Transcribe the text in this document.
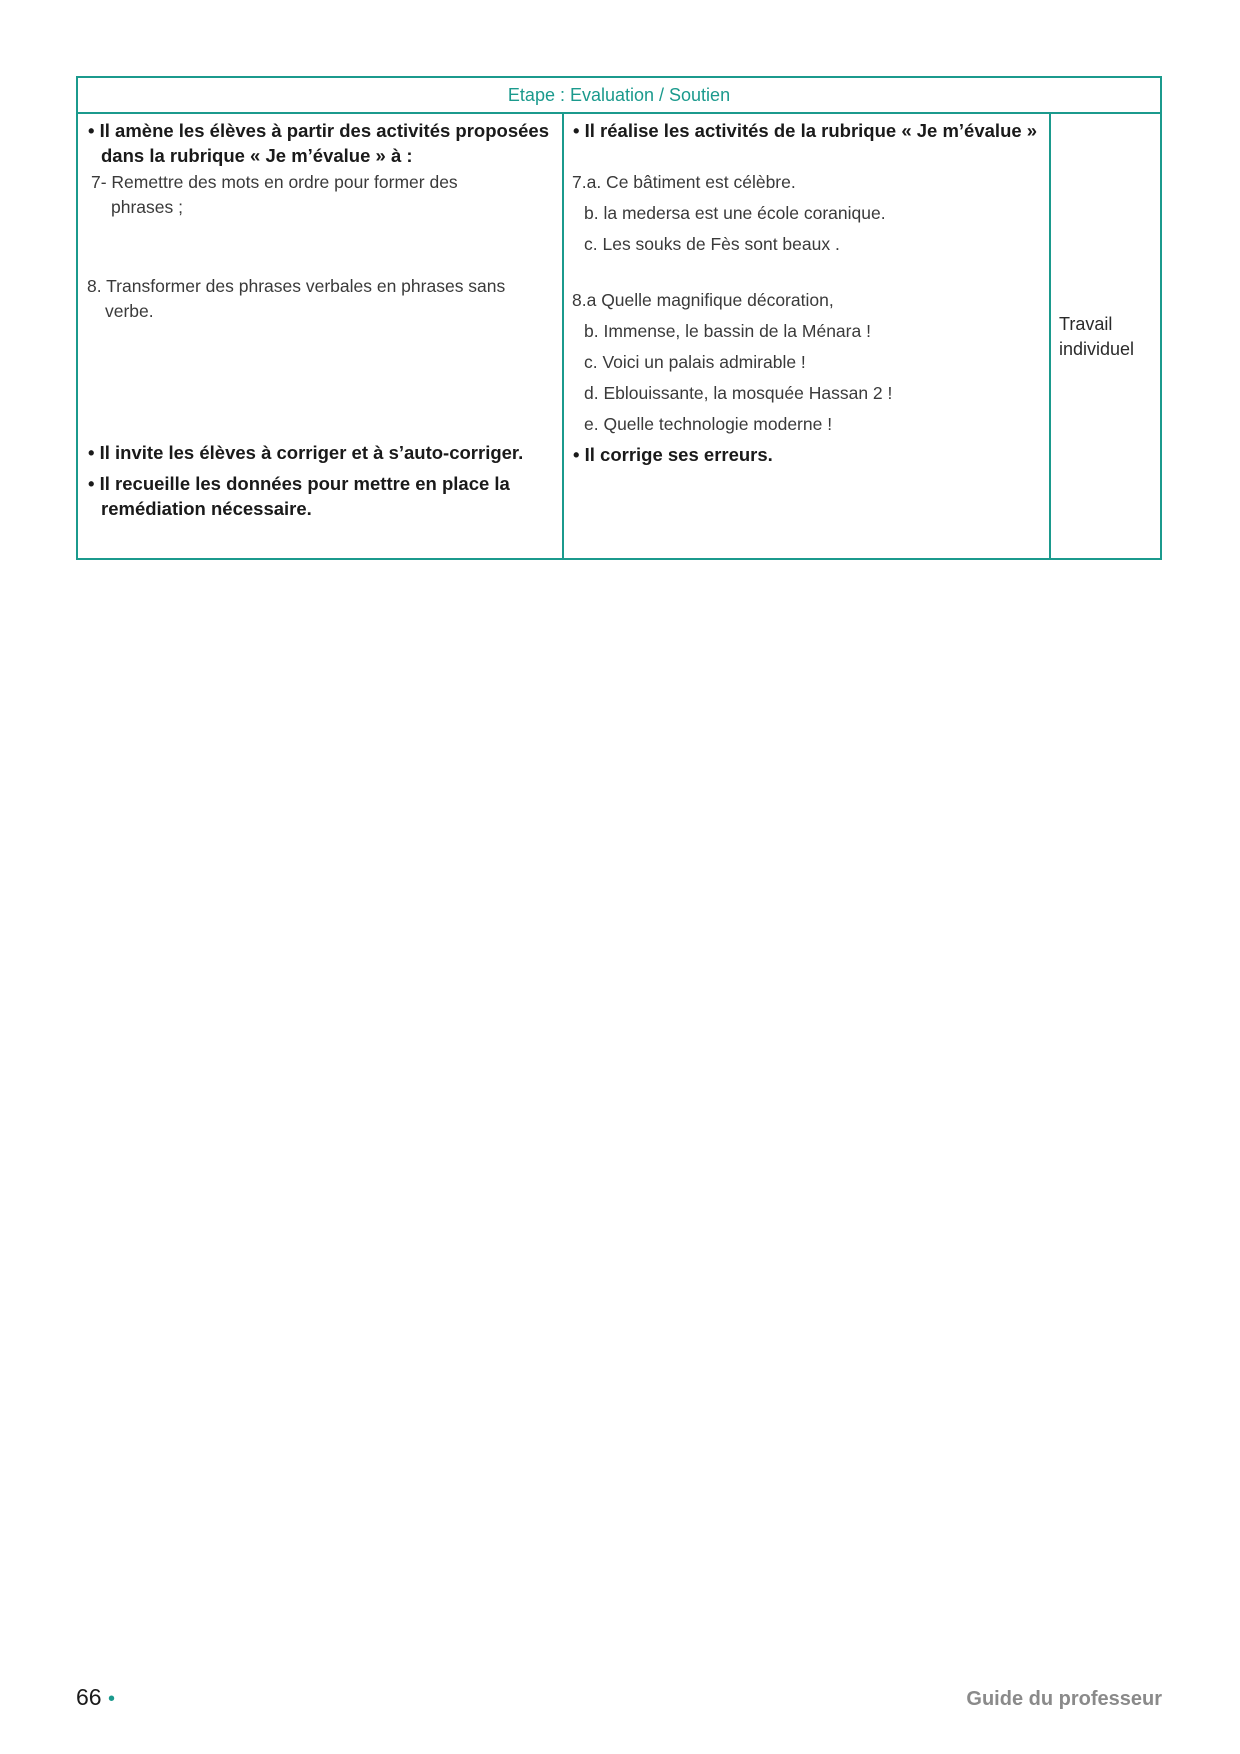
Etape : Evaluation / Soutien
• Il amène les élèves à partir des activités proposées dans la rubrique « Je m’évalue » à :
7- Remettre des mots en ordre pour former des phrases ;
8. Transformer des phrases verbales en phrases sans verbe.
• Il invite les élèves à corriger et à s’auto-corriger.
• Il recueille les données pour mettre en place la remédiation nécessaire.
• Il réalise les activités de la rubrique « Je m’évalue »
7.a. Ce bâtiment est célèbre.
b. la medersa est une école coranique.
c. Les souks de Fès sont beaux .
8.a Quelle magnifique décoration,
b. Immense, le bassin de la Ménara !
c. Voici un palais admirable !
d. Eblouissante, la mosquée Hassan 2 !
e. Quelle technologie moderne !
• Il corrige ses erreurs.
Travail
individuel
66 •	Guide du professeur
